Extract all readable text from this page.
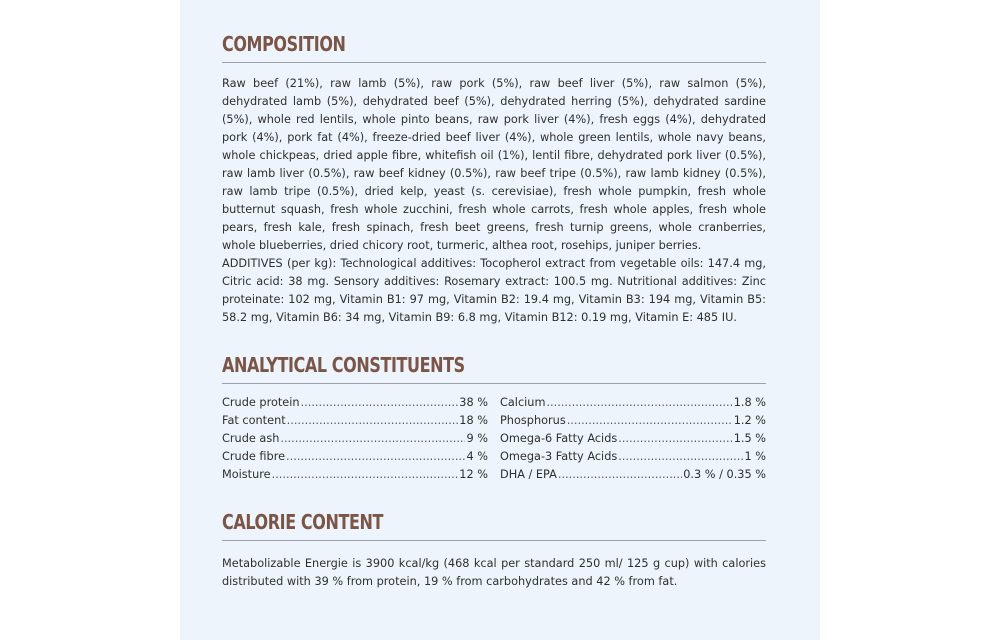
COMPOSITION
Raw beef (21%), raw lamb (5%), raw pork (5%), raw beef liver (5%), raw salmon (5%), dehydrated lamb (5%), dehydrated beef (5%), dehydrated herring (5%), dehydrated sardine (5%), whole red lentils, whole pinto beans, raw pork liver (4%), fresh eggs (4%), dehydrated pork (4%), pork fat (4%), freeze-dried beef liver (4%), whole green lentils, whole navy beans, whole chickpeas, dried apple fibre, whitefish oil (1%), lentil fibre, dehydrated pork liver (0.5%), raw lamb liver (0.5%), raw beef kidney (0.5%), raw beef tripe (0.5%), raw lamb kidney (0.5%), raw lamb tripe (0.5%), dried kelp, yeast (s. cerevisiae), fresh whole pumpkin, fresh whole butternut squash, fresh whole zucchini, fresh whole carrots, fresh whole apples, fresh whole pears, fresh kale, fresh spinach, fresh beet greens, fresh turnip greens, whole cranberries, whole blueberries, dried chicory root, turmeric, althea root, rosehips, juniper berries.
ADDITIVES (per kg): Technological additives: Tocopherol extract from vegetable oils: 147.4 mg, Citric acid: 38 mg. Sensory additives: Rosemary extract: 100.5 mg. Nutritional additives: Zinc proteinate: 102 mg, Vitamin B1: 97 mg, Vitamin B2: 19.4 mg, Vitamin B3: 194 mg, Vitamin B5: 58.2 mg, Vitamin B6: 34 mg, Vitamin B9: 6.8 mg, Vitamin B12: 0.19 mg, Vitamin E: 485 IU.
ANALYTICAL CONSTITUENTS
Crude protein .....	38 %
Fat content .....	18 %
Crude ash .....	9 %
Crude fibre .....	4 %
Moisture .....	12 %
Calcium .....	1.8 %
Phosphorus .....	1.2 %
Omega-6 Fatty Acids .....	1.5 %
Omega-3 Fatty Acids .....	1 %
DHA / EPA .....	0.3 % / 0.35 %
CALORIE CONTENT
Metabolizable Energie is 3900 kcal/kg (468 kcal per standard 250 ml/ 125 g cup) with calories distributed with 39 % from protein, 19 % from carbohydrates and 42 % from fat.
